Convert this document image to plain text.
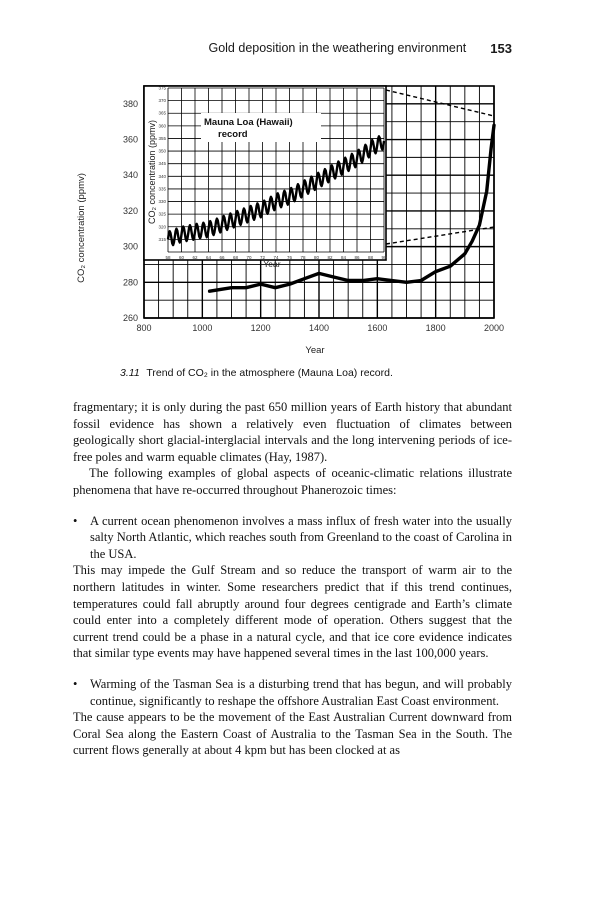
Gold deposition in the weathering environment 153
800	1000	1200	1400	1600	1800	2000
260
280
300
320
340
360
380
CO₂ concentration (ppmv)
Year
58 60 62 64 66 68 70 72 74 76 78 80 82 84 86 88 90
315
320
325
330
335
340
345
350
355
360
365
370
375
Mauna Loa (Hawaii)
record
CO₂ concentration (ppmv)
Year
3.11 Trend of CO₂ in the atmosphere (Mauna Loa) record.

fragmentary; it is only during the past 650 million years of Earth history that abundant fossil evidence has shown a relatively even fluctuation of climates between geologically short glacial-interglacial intervals and the long intervening periods of ice-free poles and warm equable climates (Hay, 1987).

The following examples of global aspects of oceanic-climatic relations illustrate phenomena that have re-occurred throughout Phanerozoic times:

• A current ocean phenomenon involves a mass influx of fresh water into the usually salty North Atlantic, which reaches south from Greenland to the coast of Carolina in the USA.

This may impede the Gulf Stream and so reduce the transport of warm air to the northern latitudes in winter. Some researchers predict that if this trend continues, temperatures could fall abruptly around four degrees centigrade and Earth’s climate could enter into a completely different mode of operation. Others suggest that the current trend could be a phase in a natural cycle, and that ice core evidence indicates that similar type events may have happened several times in the last 100,000 years.

• Warming of the Tasman Sea is a disturbing trend that has begun, and will probably continue, significantly to reshape the offshore Australian East Coast environment.

The cause appears to be the movement of the East Australian Current downward from Coral Sea along the Eastern Coast of Australia to the Tasman Sea in the South. The current flows generally at about 4 kpm but has been clocked at as
